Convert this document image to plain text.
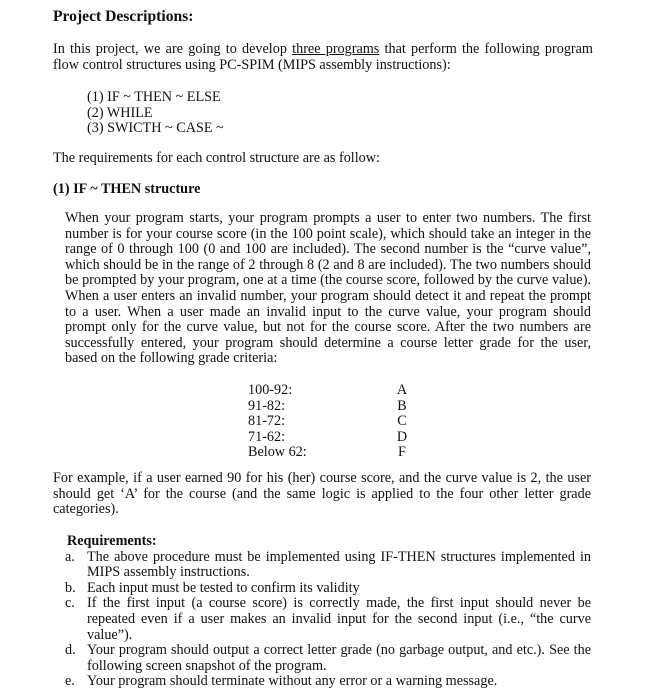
Project Descriptions:
In this project, we are going to develop three programs that perform the following program flow control structures using PC-SPIM (MIPS assembly instructions):
(1) IF ~ THEN ~ ELSE
(2) WHILE
(3) SWICTH ~ CASE ~
The requirements for each control structure are as follow:
(1) IF ~ THEN structure

When your program starts, your program prompts a user to enter two numbers. The first number is for your course score (in the 100 point scale), which should take an integer in the range of 0 through 100 (0 and 100 are included). The second number is the “curve value”, which should be in the range of 2 through 8 (2 and 8 are included). The two numbers should be prompted by your program, one at a time (the course score, followed by the curve value). When a user enters an invalid number, your program should detect it and repeat the prompt to a user. When a user made an invalid input to the curve value, your program should prompt only for the curve value, but not for the course score. After the two numbers are successfully entered, your program should determine a course letter grade for the user, based on the following grade criteria:

100-92:	A
91-82:	B
81-72:	C
71-62:	D
Below 62:	F
For example, if a user earned 90 for his (her) course score, and the curve value is 2, the user should get ‘A’ for the course (and the same logic is applied to the four other letter grade categories).
Requirements:
a. The above procedure must be implemented using IF-THEN structures implemented in MIPS assembly instructions.
b. Each input must be tested to confirm its validity
c. If the first input (a course score) is correctly made, the first input should never be repeated even if a user makes an invalid input for the second input (i.e., “the curve value”).
d. Your program should output a correct letter grade (no garbage output, and etc.). See the following screen snapshot of the program.
e. Your program should terminate without any error or a warning message.
